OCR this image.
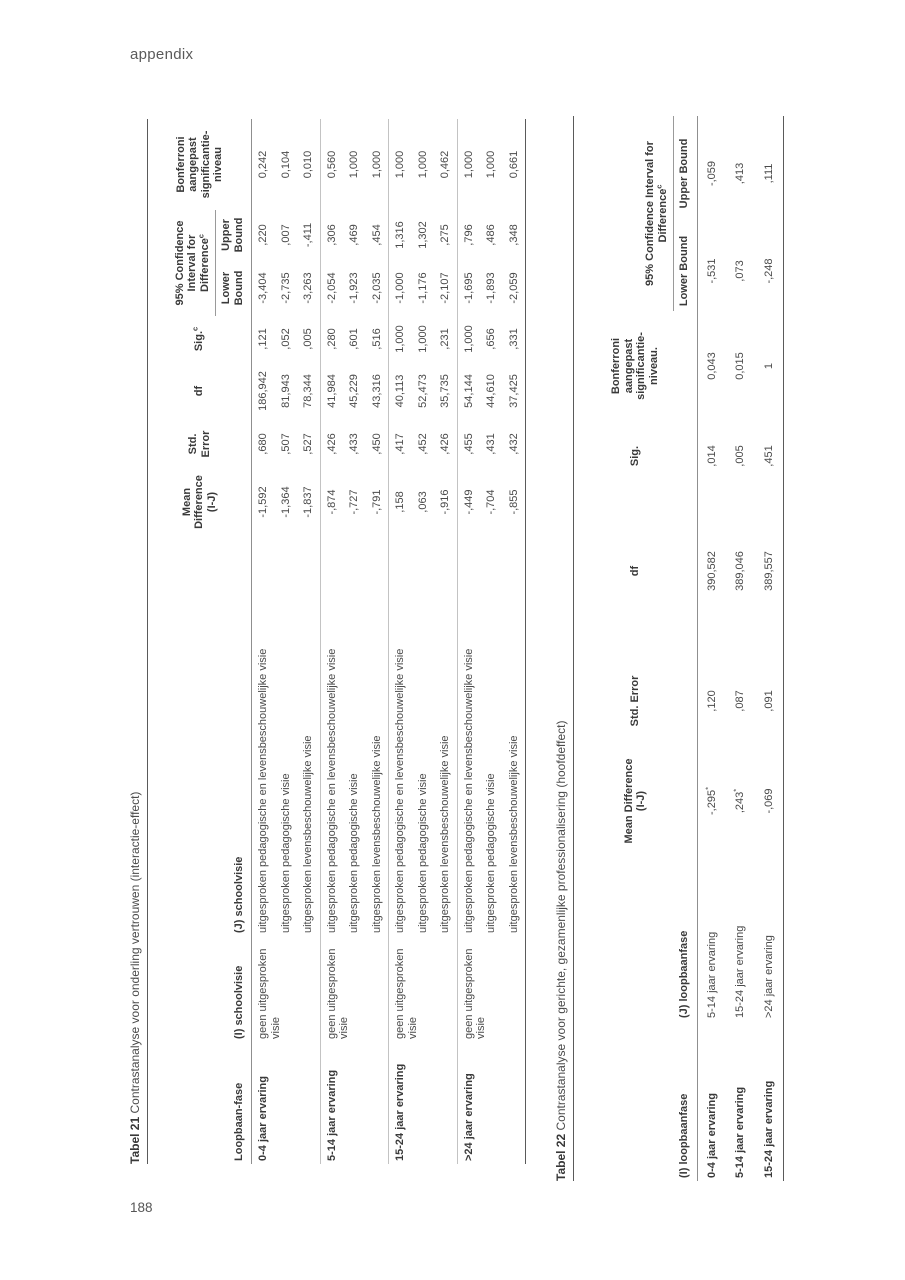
appendix
Tabel 21 Contrastanalyse voor onderling vertrouwen (interactie-effect)
Loopbaan-fase	(I) schoolvisie	(J) schoolvisie	Mean Difference (I-J)	Std. Error	df	Sig.$^c$	95% Confidence Interval for Difference$^c$		Bonferroni aangepast significantie-niveau
							Lower Bound	Upper Bound	
0-4 jaar ervaring	geen uitgesproken visie	uitgesproken pedagogische en levensbeschouwelijke visie	-1,592	,680	186,942	,121	-3,404	,220	0,242
		uitgesproken pedagogische visie	-1,364	,507	81,943	,052	-2,735	,007	0,104
		uitgesproken levensbeschouwelijke visie	-1,837	,527	78,344	,005	-3,263	-,411	0,010
5-14 jaar ervaring	geen uitgesproken visie	uitgesproken pedagogische en levensbeschouwelijke visie	-,874	,426	41,984	,280	-2,054	,306	0,560
		uitgesproken pedagogische visie	-,727	,433	45,229	,601	-1,923	,469	1,000
		uitgesproken levensbeschouwelijke visie	-,791	,450	43,316	,516	-2,035	,454	1,000
15-24 jaar ervaring	geen uitgesproken visie	uitgesproken pedagogische en levensbeschouwelijke visie	,158	,417	40,113	1,000	-1,000	1,316	1,000
		uitgesproken pedagogische visie	,063	,452	52,473	1,000	-1,176	1,302	1,000
		uitgesproken levensbeschouwelijke visie	-,916	,426	35,735	,231	-2,107	,275	0,462
>24 jaar ervaring	geen uitgesproken visie	uitgesproken pedagogische en levensbeschouwelijke visie	-,449	,455	54,144	1,000	-1,695	,796	1,000
		uitgesproken pedagogische visie	-,704	,431	44,610	,656	-1,893	,486	1,000
		uitgesproken levensbeschouwelijke visie	-,855	,432	37,425	,331	-2,059	,348	0,661
Tabel 22 Contrastanalyse voor gerichte, gezamenlijke professionalisering (hoofdeffect)
(I) loopbaanfase	(J) loopbaanfase	Mean Difference (I-J)	Std. Error	df	Sig.	Bonferroni aangepast significantie-niveau.	95% Confidence Interval for Difference$^c$
							Lower Bound	Upper Bound
0-4 jaar ervaring	5-14 jaar ervaring	-,295*	,120	390,582	,014	0,043	-,531	-,059
5-14 jaar ervaring	15-24 jaar ervaring	,243*	,087	389,046	,005	0,015	,073	,413
15-24 jaar ervaring	>24 jaar ervaring	-,069	,091	389,557	,451	1	-,248	,111
188
